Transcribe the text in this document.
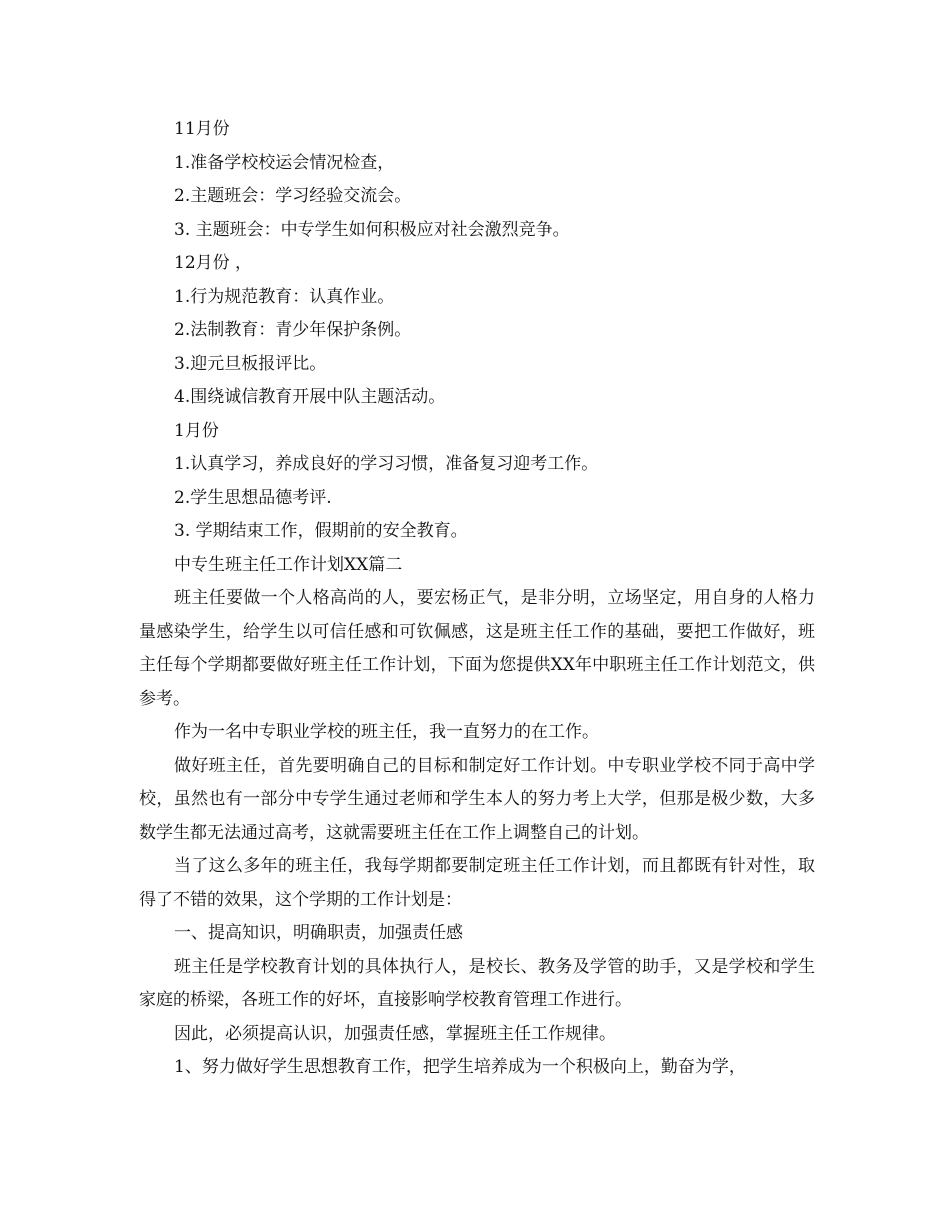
11月份

1.准备学校校运会情况检查，

2.主题班会：学习经验交流会。

3. 主题班会：中专学生如何积极应对社会激烈竞争。

12月份 ，

1.行为规范教育：认真作业。

2.法制教育：青少年保护条例。

3.迎元旦板报评比。

4.围绕诚信教育开展中队主题活动。

1月份

1.认真学习，养成良好的学习习惯，准备复习迎考工作。

2.学生思想品德考评.

3. 学期结束工作，假期前的安全教育。

中专生班主任工作计划XX篇二

班主任要做一个人格高尚的人，要宏杨正气，是非分明，立场坚定，用自身的人格力量感染学生，给学生以可信任感和可钦佩感，这是班主任工作的基础，要把工作做好，班主任每个学期都要做好班主任工作计划，下面为您提供XX年中职班主任工作计划范文，供参考。

作为一名中专职业学校的班主任，我一直努力的在工作。

做好班主任，首先要明确自己的目标和制定好工作计划。中专职业学校不同于高中学校，虽然也有一部分中专学生通过老师和学生本人的努力考上大学，但那是极少数，大多数学生都无法通过高考，这就需要班主任在工作上调整自己的计划。

当了这么多年的班主任，我每学期都要制定班主任工作计划，而且都既有针对性，取得了不错的效果，这个学期的工作计划是：

一、提高知识，明确职责，加强责任感

班主任是学校教育计划的具体执行人，是校长、教务及学管的助手，又是学校和学生家庭的桥梁，各班工作的好坏，直接影响学校教育管理工作进行。

因此，必须提高认识，加强责任感，掌握班主任工作规律。

1、努力做好学生思想教育工作，把学生培养成为一个积极向上，勤奋为学，
